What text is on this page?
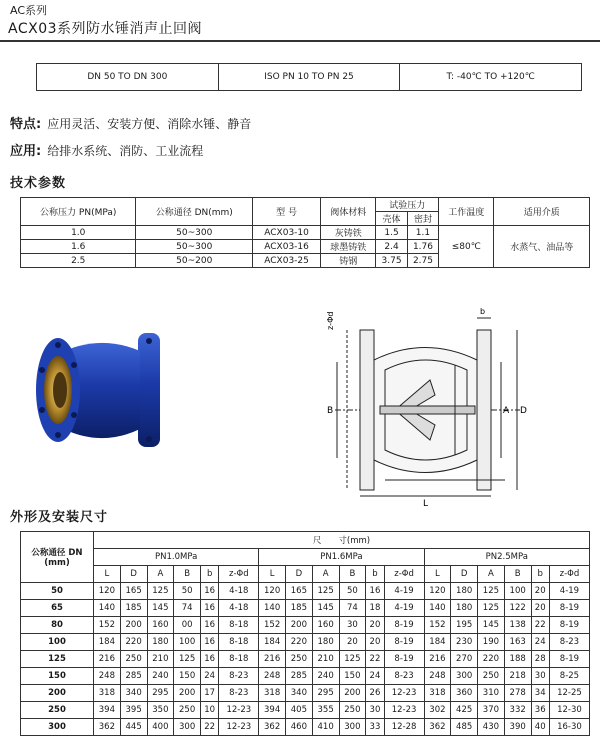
AC系列
ACX03系列防水锤消声止回阀
DN 50 TO DN 300	ISO PN 10 TO PN 25	T: -40℃ TO +120℃
特点: 应用灵活、安装方便、消除水锤、静音
应用: 给排水系统、消防、工业流程
技术参数
公称压力 PN(MPa)	公称通径 DN(mm)	型 号	阀体材料	试验压力		工作温度	适用介质
				壳体	密封		
1.0	50~300	ACX03-10	灰铸铁	1.5	1.1	≤80℃	水蒸气、油品等
1.6	50~300	ACX03-16	球墨铸铁	2.4	1.76		
2.5	50~200	ACX03-25	铸钢	3.75	2.75		
z-Φd
b
B	A D
L
外形及安装尺寸
公称通径 DN (mm)	尺　　寸(mm)																	
	PN1.0MPa						PN1.6MPa						PN2.5MPa					
	L	D	A	B	b	z-Φd	L	D	A	B	b	z-Φd	L	D	A	B	b	z-Φd
50	120	165	125	50	16	4-18	120	165	125	50	16	4-19	120	180	125	100	20	4-19
65	140	185	145	74	16	4-18	140	185	145	74	18	4-19	140	180	125	122	20	8-19
80	152	200	160	00	16	8-18	152	200	160	30	20	8-19	152	195	145	138	22	8-19
100	184	220	180	100	16	8-18	184	220	180	20	20	8-19	184	230	190	163	24	8-23
125	216	250	210	125	16	8-18	216	250	210	125	22	8-19	216	270	220	188	28	8-19
150	248	285	240	150	24	8-23	248	285	240	150	24	8-23	248	300	250	218	30	8-25
200	318	340	295	200	17	8-23	318	340	295	200	26	12-23	318	360	310	278	34	12-25
250	394	395	350	250	10	12-23	394	405	355	250	30	12-23	302	425	370	332	36	12-30
300	362	445	400	300	22	12-23	362	460	410	300	33	12-28	362	485	430	390	40	16-30
